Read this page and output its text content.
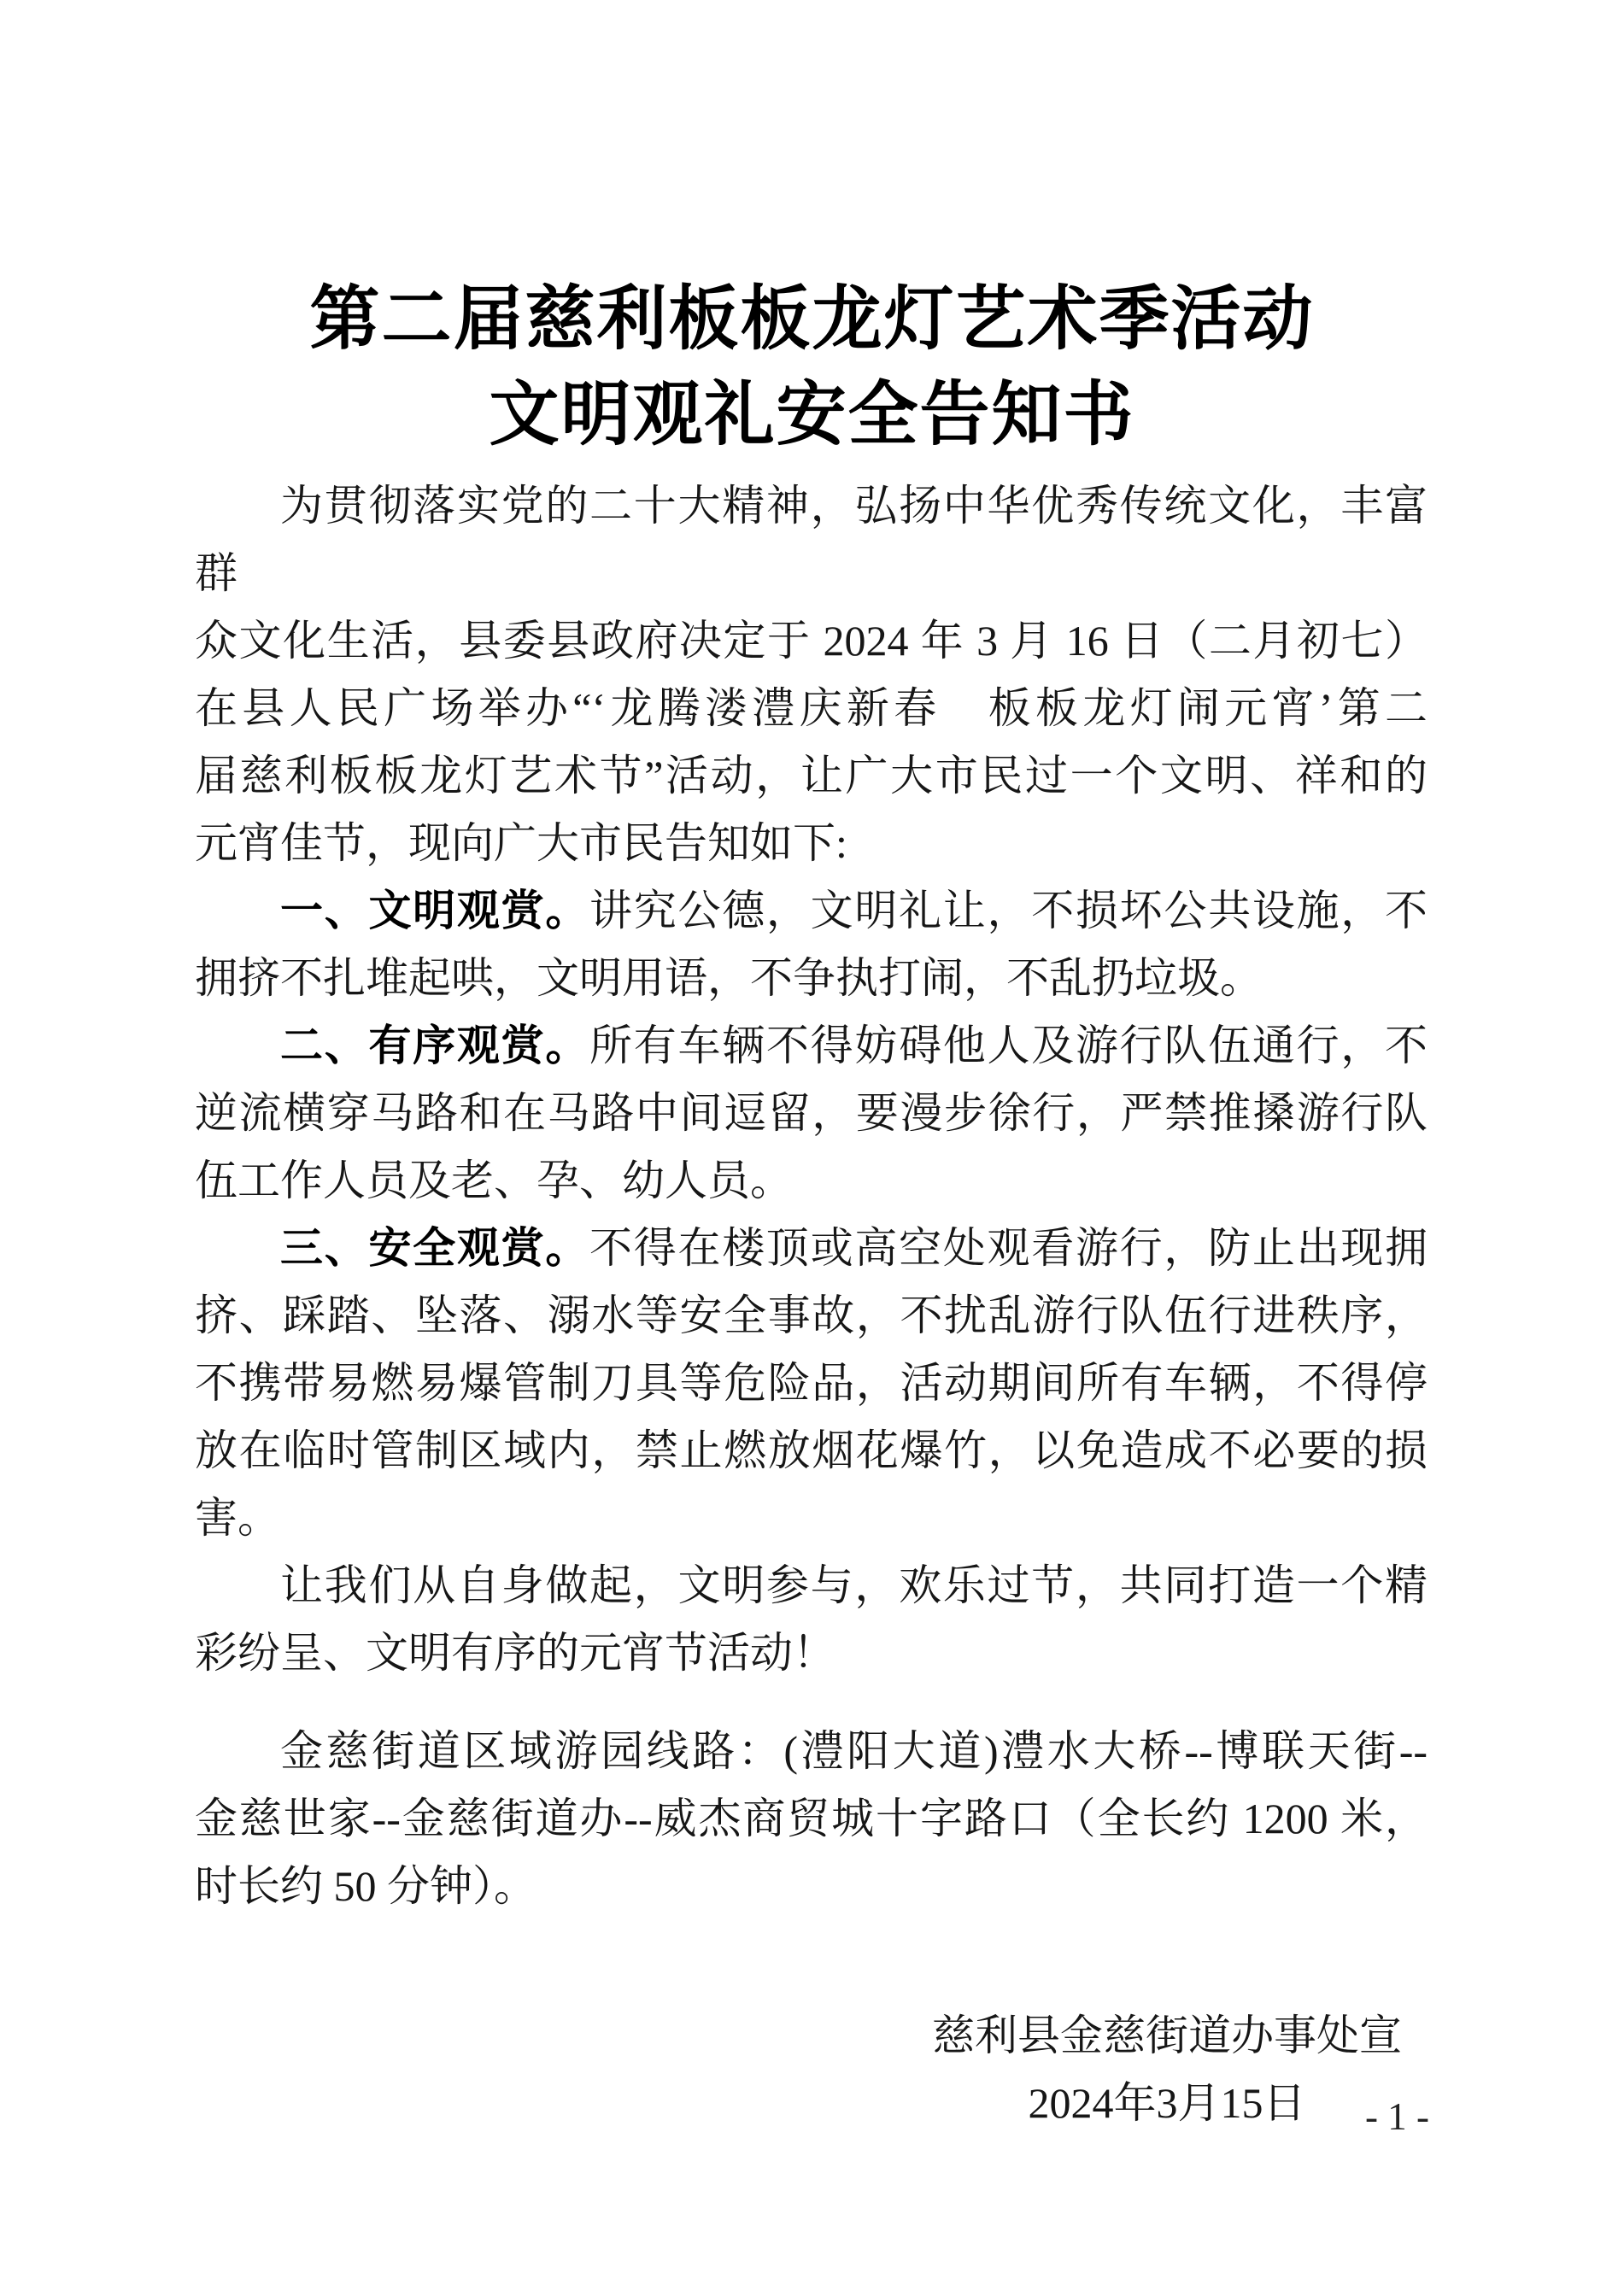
第二届慈利板板龙灯艺术季活动
文明观礼安全告知书
为贯彻落实党的二十大精神，弘扬中华优秀传统文化，丰富群
众文化生活，县委县政府决定于 2024 年 3 月 16 日（二月初七）
在县人民广场举办“‘龙腾溇澧庆新春　板板龙灯闹元宵’第二
届慈利板板龙灯艺术节”活动，让广大市民过一个文明、祥和的
元宵佳节，现向广大市民告知如下:
一、文明观赏。讲究公德，文明礼让，不损坏公共设施，不
拥挤不扎堆起哄，文明用语，不争执打闹，不乱扔垃圾。
二、有序观赏。所有车辆不得妨碍他人及游行队伍通行，不
逆流横穿马路和在马路中间逗留，要漫步徐行，严禁推搡游行队
伍工作人员及老、孕、幼人员。
三、安全观赏。不得在楼顶或高空处观看游行，防止出现拥
挤、踩踏、坠落、溺水等安全事故，不扰乱游行队伍行进秩序，
不携带易燃易爆管制刀具等危险品，活动期间所有车辆，不得停
放在临时管制区域内，禁止燃放烟花爆竹，以免造成不必要的损
害。
让我们从自身做起，文明参与，欢乐过节，共同打造一个精
彩纷呈、文明有序的元宵节活动！
金慈街道区域游园线路：(澧阳大道)澧水大桥--博联天街--
金慈世家--金慈街道办--威杰商贸城十字路口（全长约 1200 米，
时长约 50 分钟）。
慈利县金慈街道办事处宣
2024年3月15日	- 1 -
